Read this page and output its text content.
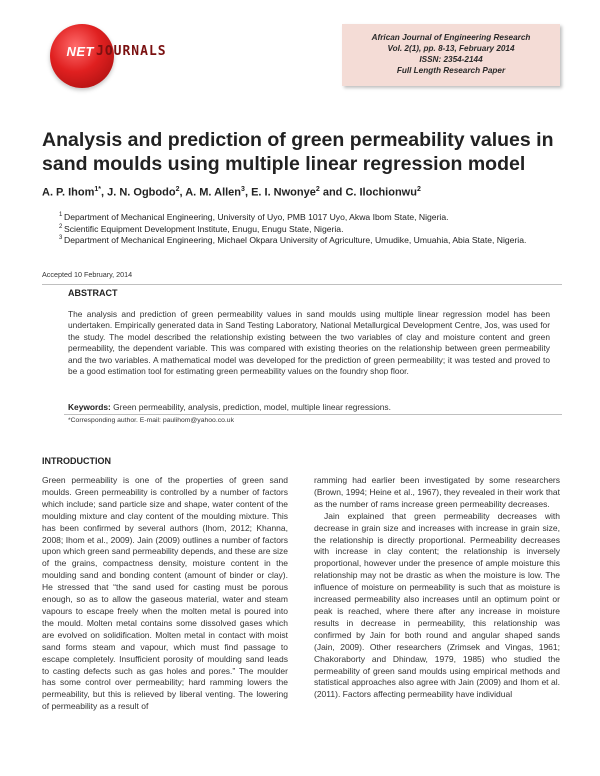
NET JOURNALS
African Journal of Engineering Research
Vol. 2(1), pp. 8-13, February 2014
ISSN: 2354-2144
Full Length Research Paper
Analysis and prediction of green permeability values in sand moulds using multiple linear regression model
A. P. Ihom$^{1*}$, J. N. Ogbodo$^2$, A. M. Allen$^3$, E. I. Nwonye$^2$ and C. Ilochionwu$^2$
1 Department of Mechanical Engineering, University of Uyo, PMB 1017 Uyo, Akwa Ibom State, Nigeria.
2 Scientific Equipment Development Institute, Enugu, Enugu State, Nigeria.
3 Department of Mechanical Engineering, Michael Okpara University of Agriculture, Umudike, Umuahia, Abia State, Nigeria.
Accepted 10 February, 2014
ABSTRACT
The analysis and prediction of green permeability values in sand moulds using multiple linear regression model has been undertaken. Empirically generated data in Sand Testing Laboratory, National Metallurgical Development Centre, Jos, was used for the study. The model described the relationship existing between the two variables of clay and moisture content and green permeability, the dependent variable. This was compared with existing theories on the relationship between green permeability and the two variables. A mathematical model was developed for the prediction of green permeability; it was tested and proved to be a good estimation tool for estimating green permeability values on the foundry shop floor.
Keywords: Green permeability, analysis, prediction, model, multiple linear regressions.
*Corresponding author. E-mail: paulihom@yahoo.co.uk
INTRODUCTION

Green permeability is one of the properties of green sand moulds. Green permeability is controlled by a number of factors which include; sand particle size and shape, water content of the moulding mixture and clay content of the moulding mixture. This has been confirmed by several authors (Ihom, 2012; Khanna, 2008; Ihom et al., 2009). Jain (2009) outlines a number of factors upon which green sand permeability depends, and these are size of the grains, compactness density, moisture content in the moulding sand and bonding content (amount of binder or clay). He stressed that “the sand used for casting must be porous enough, so as to allow the gaseous material, water and steam vapours to escape freely when the molten metal is poured into the mould. Molten metal contains some dissolved gases which are evolved on solidification. Molten metal in contact with moist sand forms steam and vapour, which must find passage to escape completely. Insufficient porosity of moulding sand leads to casting defects such as gas holes and pores.” The moulder has some control over permeability; hard ramming lowers the permeability, but this is relieved by liberal venting. The lowering of permeability as a result of

ramming had earlier been investigated by some researchers (Brown, 1994; Heine et al., 1967), they revealed in their work that as the number of rams increase green permeability decreases.

Jain explained that green permeability decreases with decrease in grain size and increases with increase in grain size, the relationship is directly proportional. Permeability decreases with increase in clay content; the relationship is inversely proportional, however under the presence of ample moisture this relationship may not be drastic as when the moisture is low. The influence of moisture on permeability is such that as moisture is increased permeability also increases until an optimum point or peak is reached, where there after any increase in moisture results in decrease in permeability, this relationship was confirmed by Jain for both round and angular shaped sands (Jain, 2009). Other researchers (Zrimsek and Vingas, 1961; Chakoraborty and Dhindaw, 1979, 1985) who studied the permeability of green sand moulds using empirical methods and statistical approaches also agree with Jain (2009) and Ihom et al. (2011). Factors affecting permeability have individual
